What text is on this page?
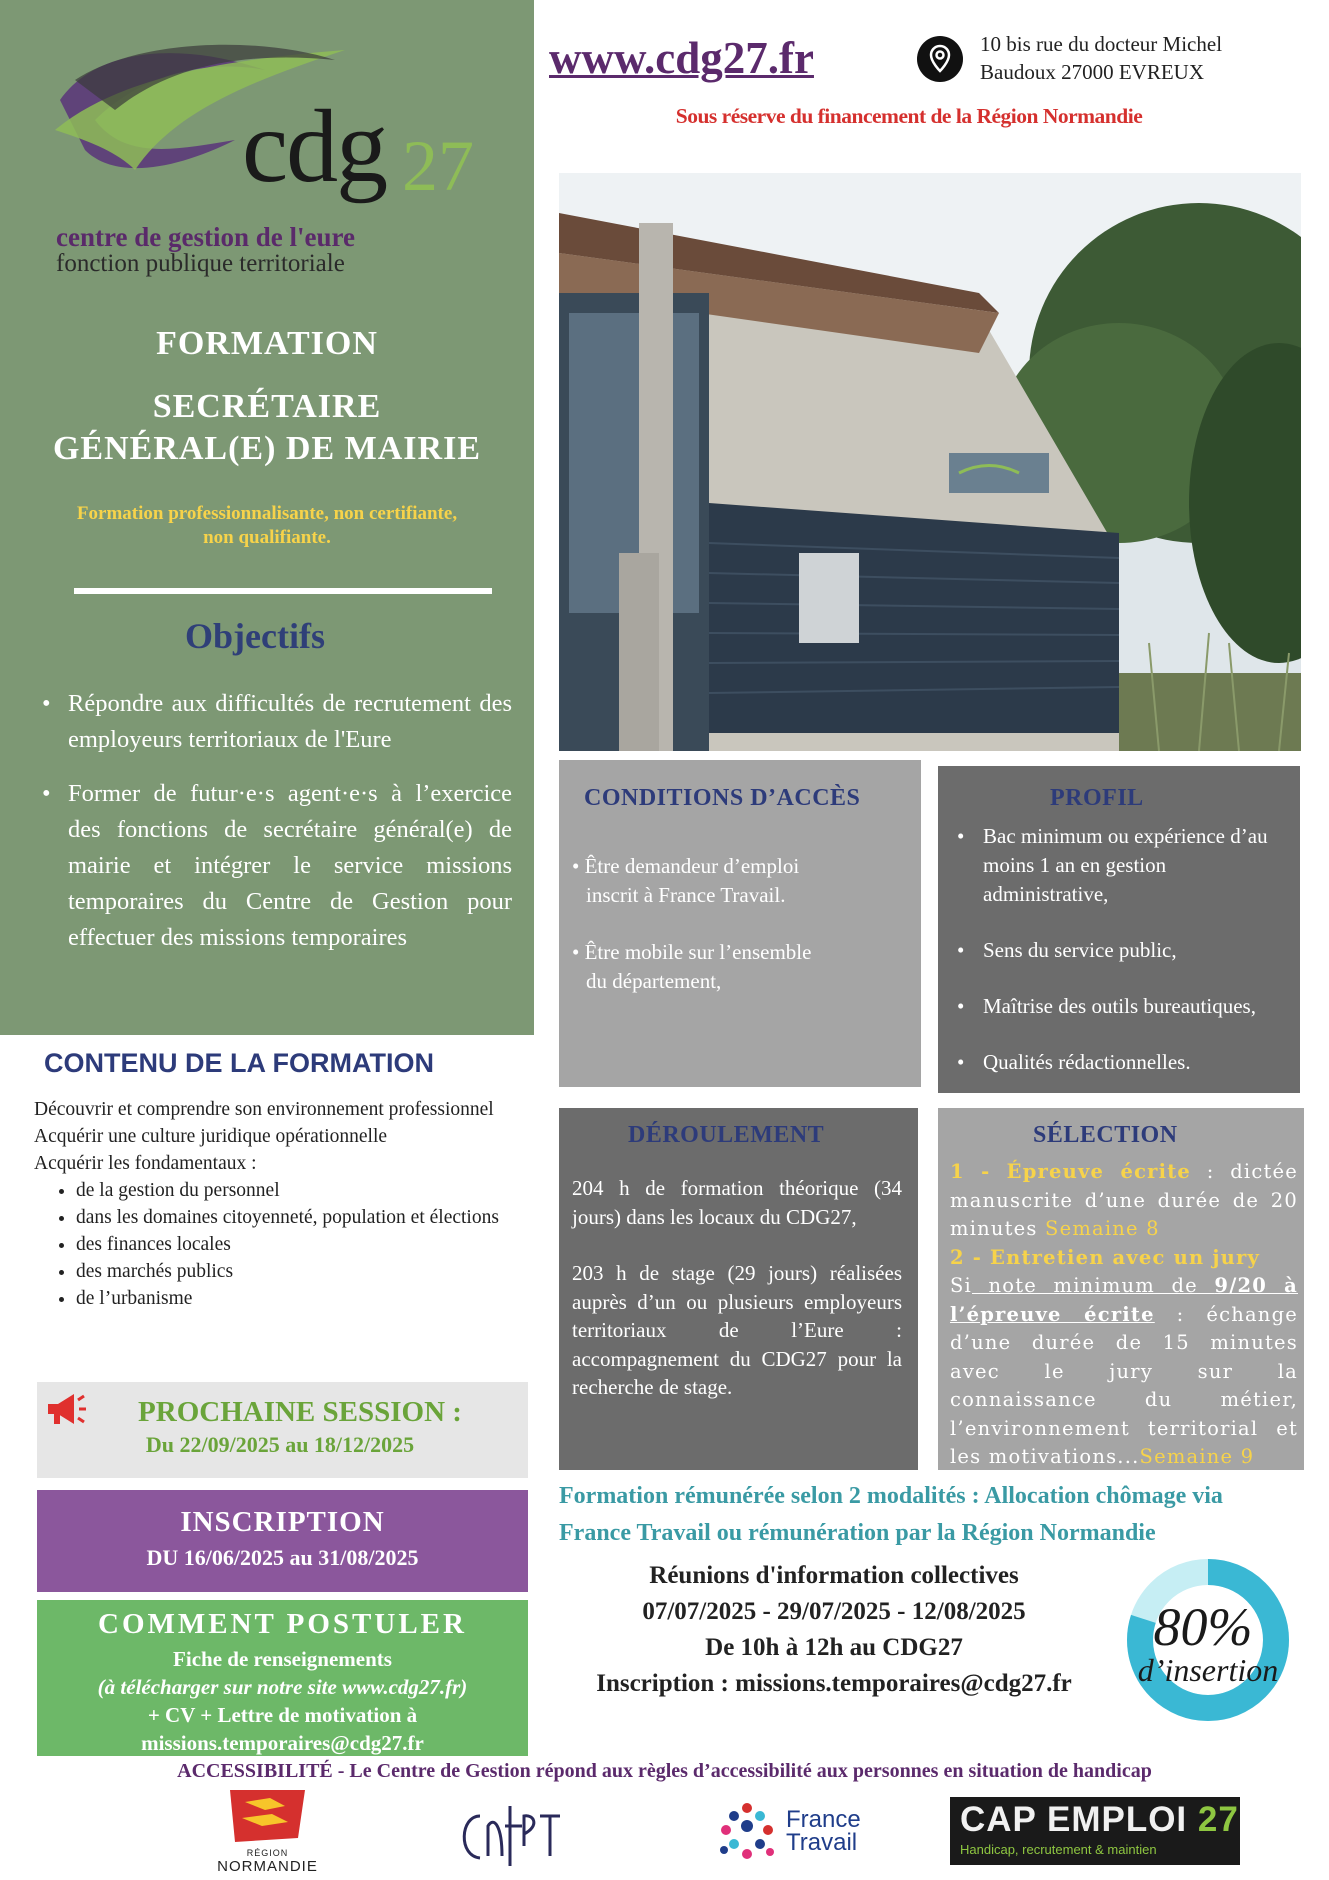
cdg 27
centre de gestion de l'eure
fonction publique territoriale
FORMATION
SECRÉTAIRE
GÉNÉRAL(E) DE MAIRIE
Formation professionnalisante, non certifiante,
non qualifiante.
Objectifs
• Répondre aux difficultés de recrutement des employeurs territoriaux de l'Eure
• Former de futur·e·s agent·e·s à l’exercice des fonctions de secrétaire général(e) de mairie et intégrer le service missions temporaires du Centre de Gestion pour effectuer des missions temporaires
CONTENU DE LA FORMATION

Découvrir et comprendre son environnement professionnel

Acquérir une culture juridique opérationnelle

Acquérir les fondamentaux :

• de la gestion du personnel
• dans les domaines citoyenneté, population et élections
• des finances locales
• des marchés publics
• de l’urbanisme
PROCHAINE SESSION :
Du 22/09/2025 au 18/12/2025
INSCRIPTION
DU 16/06/2025 au 31/08/2025
COMMENT POSTULER
Fiche de renseignements
(à télécharger sur notre site www.cdg27.fr)
+ CV + Lettre de motivation à
missions.temporaires@cdg27.fr
www.cdg27.fr	10 bis rue du docteur Michel
Baudoux 27000 EVREUX
Sous réserve du financement de la Région Normandie
CONDITIONS D’ACCÈS

• Être demandeur d’emploi

inscrit à France Travail.

• Être mobile sur l’ensemble

du département,

PROFIL
• Bac minimum ou expérience d’au moins 1 an en gestion administrative,
• Sens du service public,
• Maîtrise des outils bureautiques,
• Qualités rédactionnelles.
DÉROULEMENT

204 h de formation théorique (34 jours) dans les locaux du CDG27,

203 h de stage (29 jours) réalisées auprès d’un ou plusieurs employeurs territoriaux de l’Eure : accompagnement du CDG27 pour la recherche de stage.

SÉLECTION

1 - Épreuve écrite : dictée manuscrite d’une durée de 20 minutes Semaine 8

2 - Entretien avec un jury

Si note minimum de 9/20 à l’épreuve écrite : échange d’une durée de 15 minutes avec le jury sur la connaissance du métier, l’environnement territorial et les motivations...Semaine 9

Formation rémunérée selon 2 modalités : Allocation chômage via France Travail ou rémunération par la Région Normandie
Réunions d'information collectives
07/07/2025 - 29/07/2025 - 12/08/2025
De 10h à 12h au CDG27
Inscription : missions.temporaires@cdg27.fr
80%
d’insertion
ACCESSIBILITÉ - Le Centre de Gestion répond aux règles d’accessibilité aux personnes en situation de handicap
RÉGION
NORMANDIE
France
Travail
CAP EMPLOI 27
Handicap, recrutement & maintien
